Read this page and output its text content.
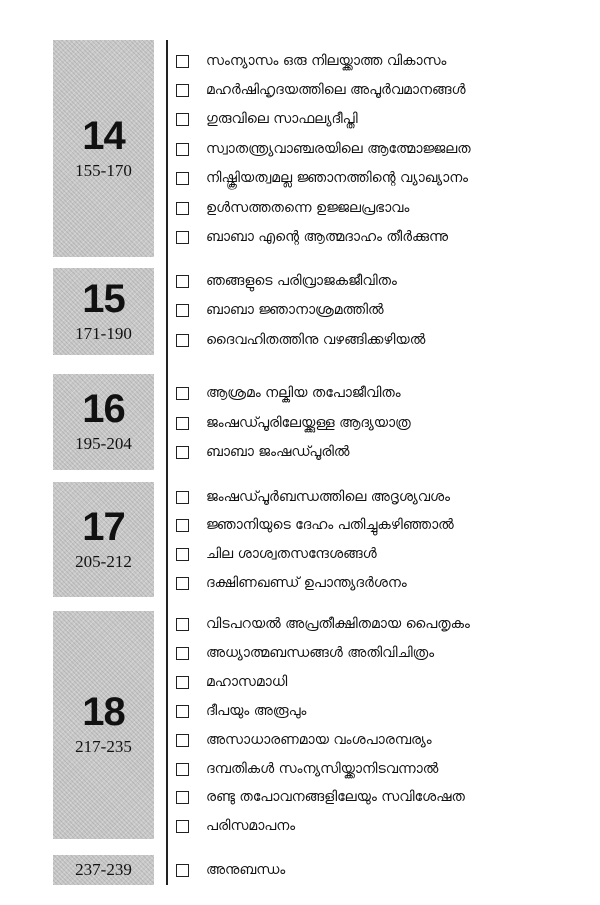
14
155-170
സംന്യാസം ഒരു നിലയ്ക്കാത്ത വികാസം
മഹർഷിഹൃദയത്തിലെ അപൂർവമാനങ്ങൾ
ഗുരുവിലെ സാഫല്യദീപ്തി
സ്വാതന്ത്ര്യവാഞ്ചരയിലെ ആത്മോജ്ജലത
നിഷ്ക്രിയത്വമല്ല ജ്ഞാനത്തിന്റെ വ്യാഖ്യാനം
ഉൾസത്തതന്നെ ഉജ്ജലപ്രഭാവം
ബാബാ എന്റെ ആത്മദാഹം തീർക്കുന്നു
15
171-190
ഞങ്ങളുടെ പരിവ്രാജകജീവിതം
ബാബാ ജ്ഞാനാശ്രമത്തിൽ
ദൈവഹിതത്തിനു വഴങ്ങിക്കഴിയൽ
16
195-204
ആശ്രമം നല്കിയ തപോജീവിതം
ജംഷഡ്പൂരിലേയ്ക്കുള്ള ആദ്യയാത്ര
ബാബാ ജംഷഡ്പൂരിൽ
17
205-212
ജംഷഡ്പൂർബന്ധത്തിലെ അദൃശ്യവശം
ജ്ഞാനിയുടെ ദേഹം പതിച്ചുകഴിഞ്ഞാൽ
ചില ശാശ്വതസന്ദേശങ്ങൾ
ദക്ഷിണഖണ്ഡ് ഉപാന്ത്യദർശനം
18
217-235
വിടപറയൽ അപ്രതീക്ഷിതമായ പൈതൃകം
അധ്യാത്മബന്ധങ്ങൾ അതിവിചിത്രം
മഹാസമാധി
ദീപയും അരൂപും
അസാധാരണമായ വംശപാരമ്പര്യം
ദമ്പതികൾ സംന്യസിയ്ക്കാനിടവന്നാൽ
രണ്ടു തപോവനങ്ങളിലേയും സവിശേഷത
പരിസമാപനം
237-239	അനുബന്ധം
